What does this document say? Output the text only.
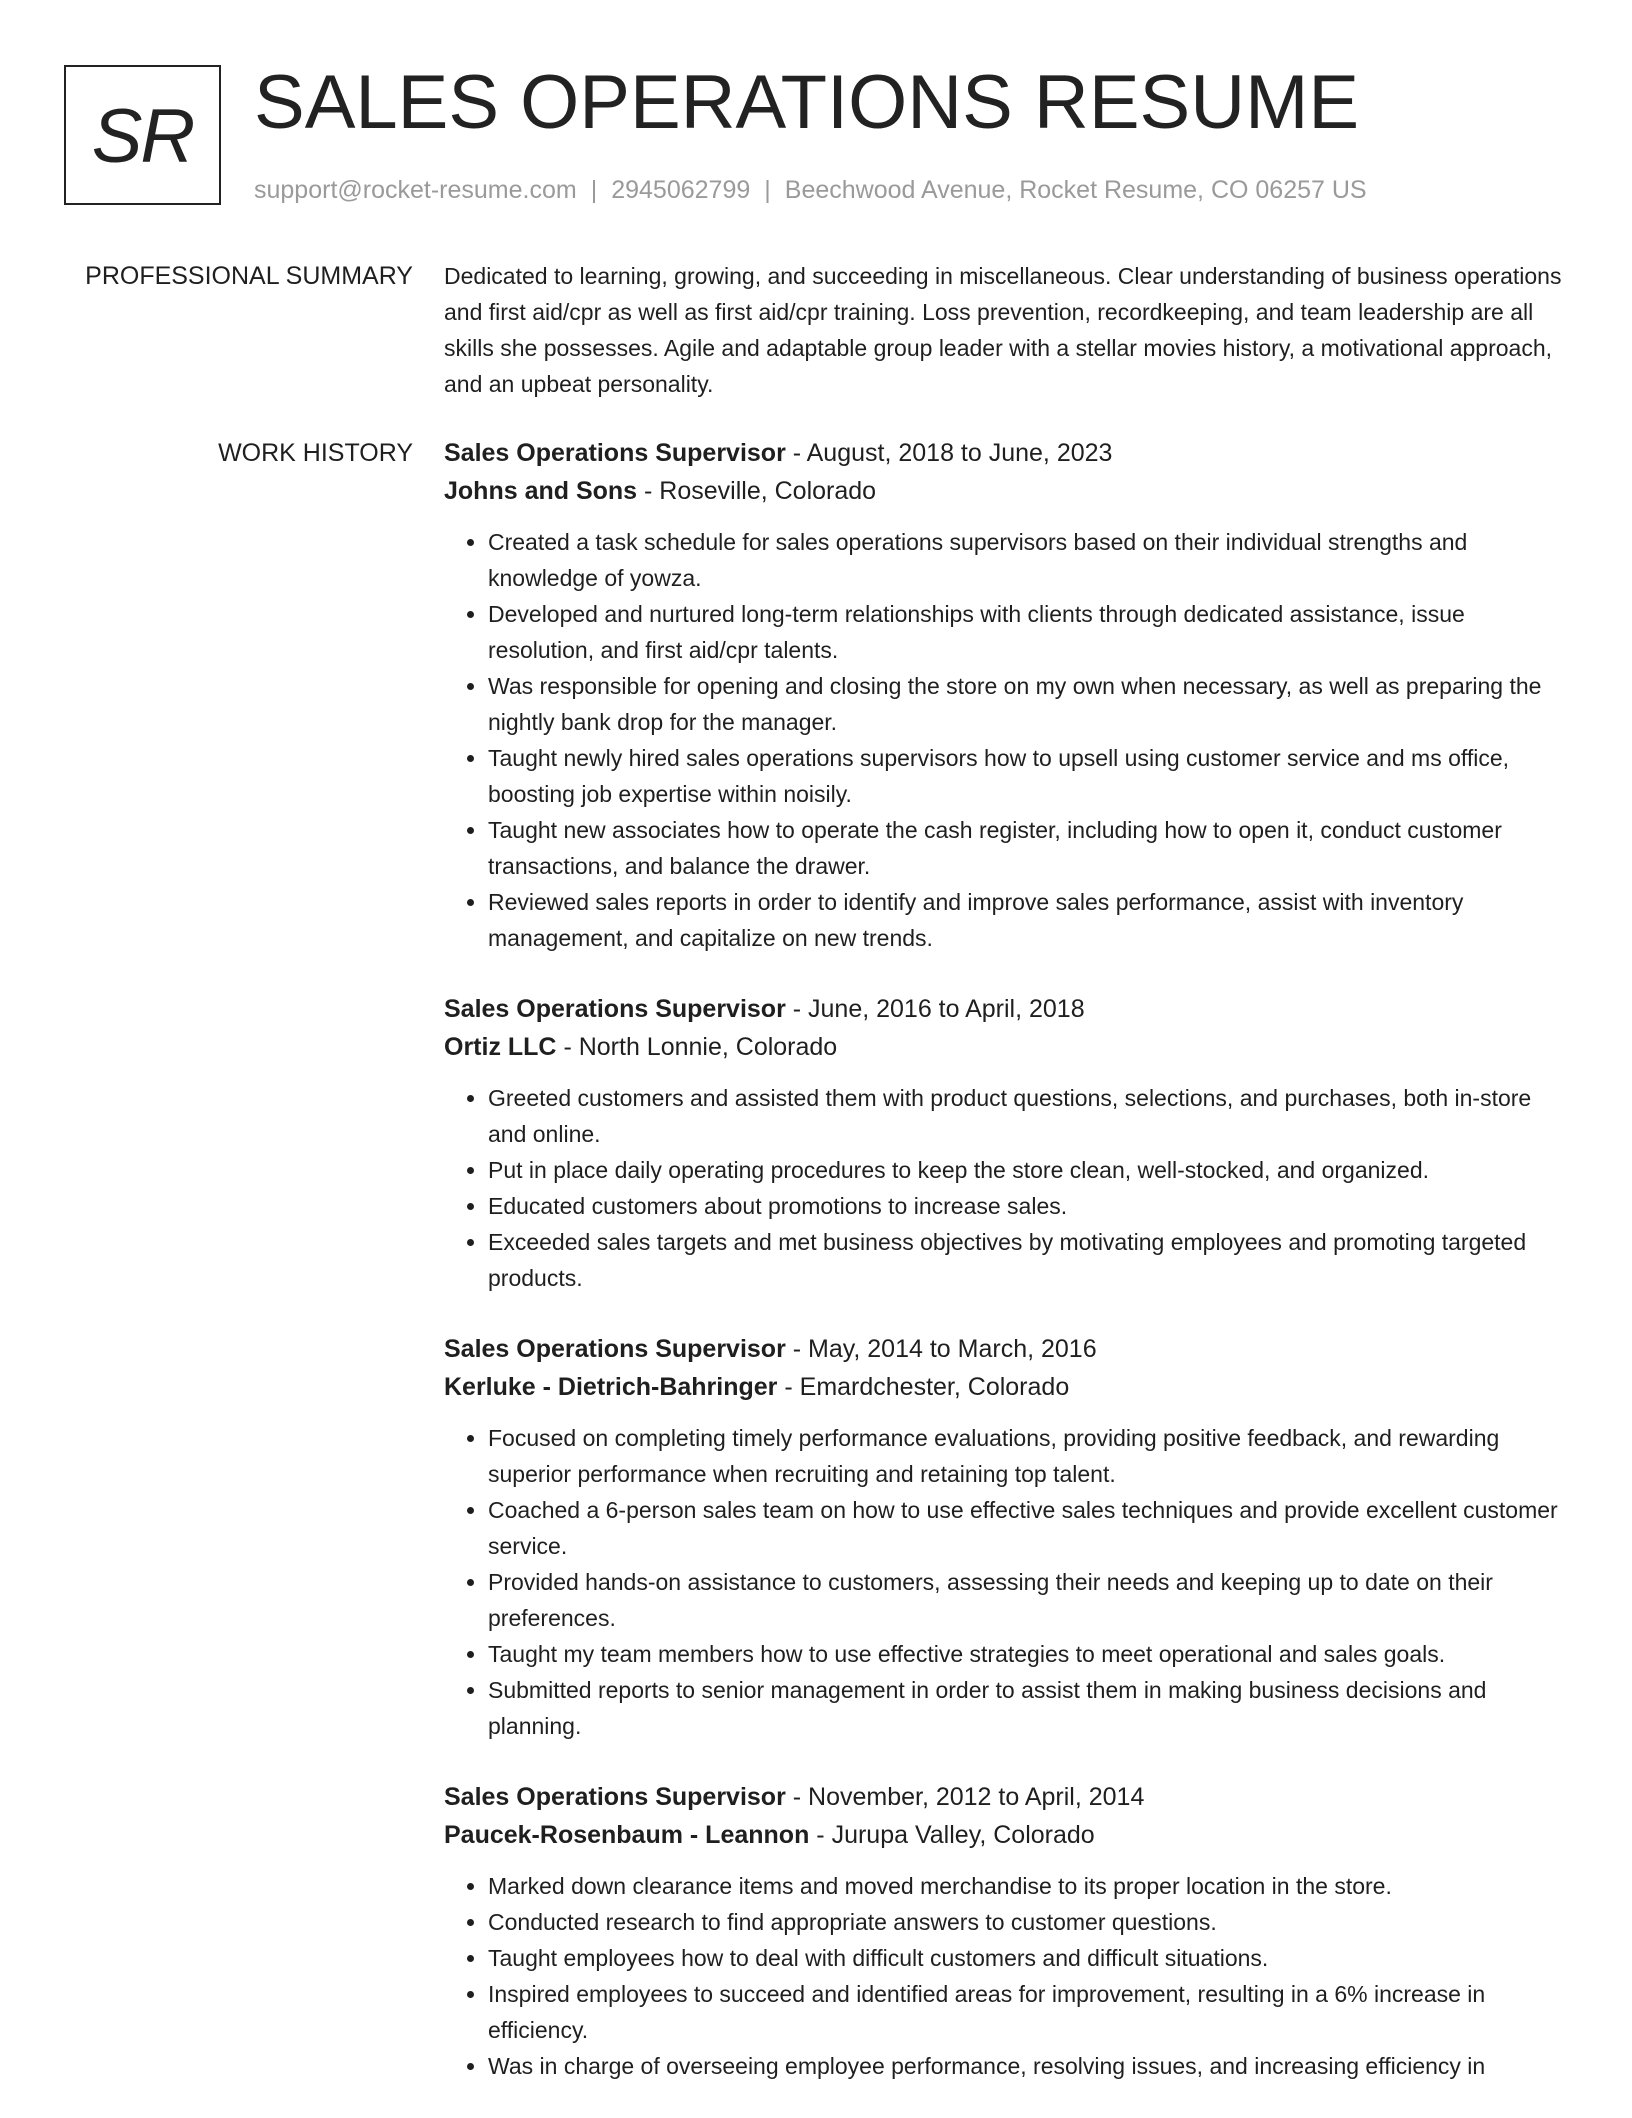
SR SALES OPERATIONS RESUME
support@rocket-resume.com | 2945062799 | Beechwood Avenue, Rocket Resume, CO 06257 US
PROFESSIONAL SUMMARY Dedicated to learning, growing, and succeeding in miscellaneous. Clear understanding of business operations and first aid/cpr as well as first aid/cpr training. Loss prevention, recordkeeping, and team leadership are all skills she possesses. Agile and adaptable group leader with a stellar movies history, a motivational approach, and an upbeat personality.

WORK HISTORY Sales Operations Supervisor - August, 2018 to June, 2023
Johns and Sons - Roseville, Colorado
• Created a task schedule for sales operations supervisors based on their individual strengths and knowledge of yowza.
• Developed and nurtured long-term relationships with clients through dedicated assistance, issue resolution, and first aid/cpr talents.
• Was responsible for opening and closing the store on my own when necessary, as well as preparing the nightly bank drop for the manager.
• Taught newly hired sales operations supervisors how to upsell using customer service and ms office, boosting job expertise within noisily.
• Taught new associates how to operate the cash register, including how to open it, conduct customer transactions, and balance the drawer.
• Reviewed sales reports in order to identify and improve sales performance, assist with inventory management, and capitalize on new trends.
Sales Operations Supervisor - June, 2016 to April, 2018
Ortiz LLC - North Lonnie, Colorado
• Greeted customers and assisted them with product questions, selections, and purchases, both in-store and online.
• Put in place daily operating procedures to keep the store clean, well-stocked, and organized.
• Educated customers about promotions to increase sales.
• Exceeded sales targets and met business objectives by motivating employees and promoting targeted products.
Sales Operations Supervisor - May, 2014 to March, 2016
Kerluke - Dietrich-Bahringer - Emardchester, Colorado
• Focused on completing timely performance evaluations, providing positive feedback, and rewarding superior performance when recruiting and retaining top talent.
• Coached a 6-person sales team on how to use effective sales techniques and provide excellent customer service.
• Provided hands-on assistance to customers, assessing their needs and keeping up to date on their preferences.
• Taught my team members how to use effective strategies to meet operational and sales goals.
• Submitted reports to senior management in order to assist them in making business decisions and planning.
Sales Operations Supervisor - November, 2012 to April, 2014
Paucek-Rosenbaum - Leannon - Jurupa Valley, Colorado
• Marked down clearance items and moved merchandise to its proper location in the store.
• Conducted research to find appropriate answers to customer questions.
• Taught employees how to deal with difficult customers and difficult situations.
• Inspired employees to succeed and identified areas for improvement, resulting in a 6% increase in efficiency.
• Was in charge of overseeing employee performance, resolving issues, and increasing efficiency in
